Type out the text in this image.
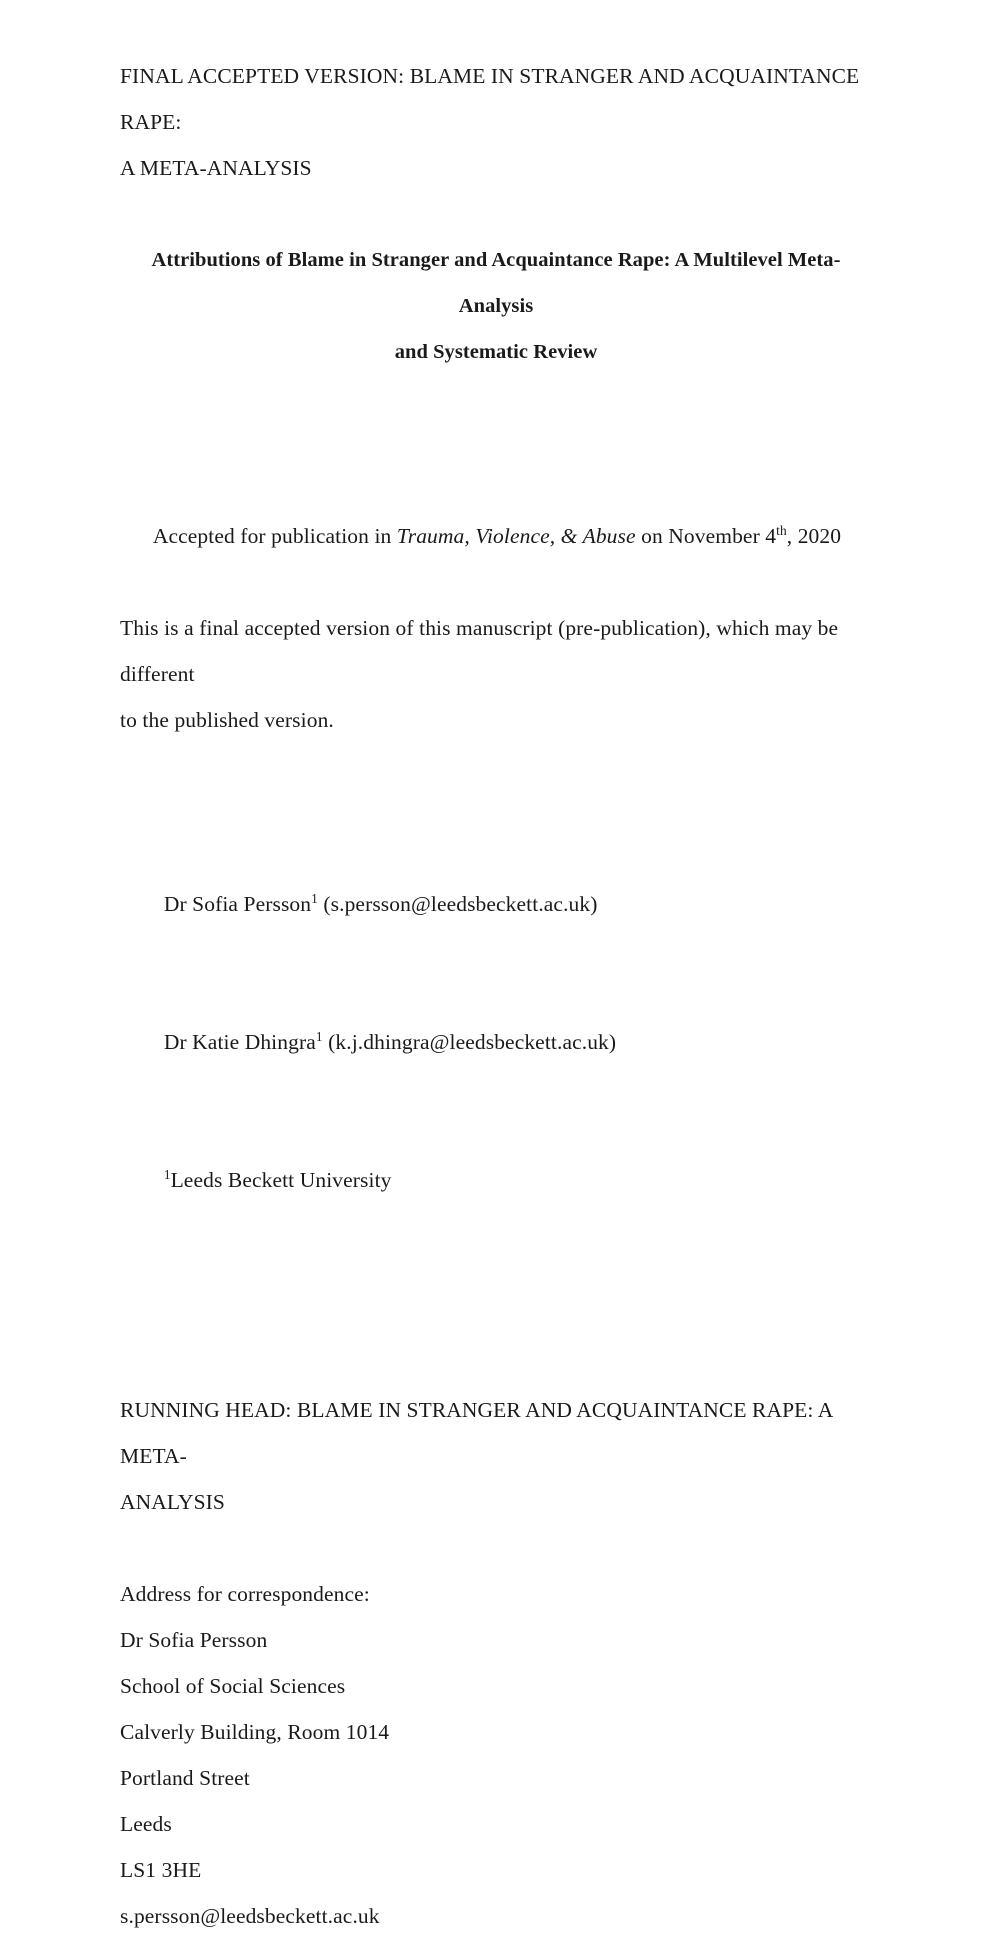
FINAL ACCEPTED VERSION: BLAME IN STRANGER AND ACQUAINTANCE RAPE:
A META-ANALYSIS
Attributions of Blame in Stranger and Acquaintance Rape: A Multilevel Meta-Analysis
and Systematic Review

Accepted for publication in Trauma, Violence, & Abuse on November 4th, 2020

This is a final accepted version of this manuscript (pre-publication), which may be different
to the published version.

Dr Sofia Persson$^1$ (s.persson@leedsbeckett.ac.uk)

Dr Katie Dhingra$^1$ (k.j.dhingra@leedsbeckett.ac.uk)

$^1$Leeds Beckett University

RUNNING HEAD: BLAME IN STRANGER AND ACQUAINTANCE RAPE: A META-
ANALYSIS
Address for correspondence:
Dr Sofia Persson
School of Social Sciences
Calverly Building, Room 1014
Portland Street
Leeds
LS1 3HE
s.persson@leedsbeckett.ac.uk
